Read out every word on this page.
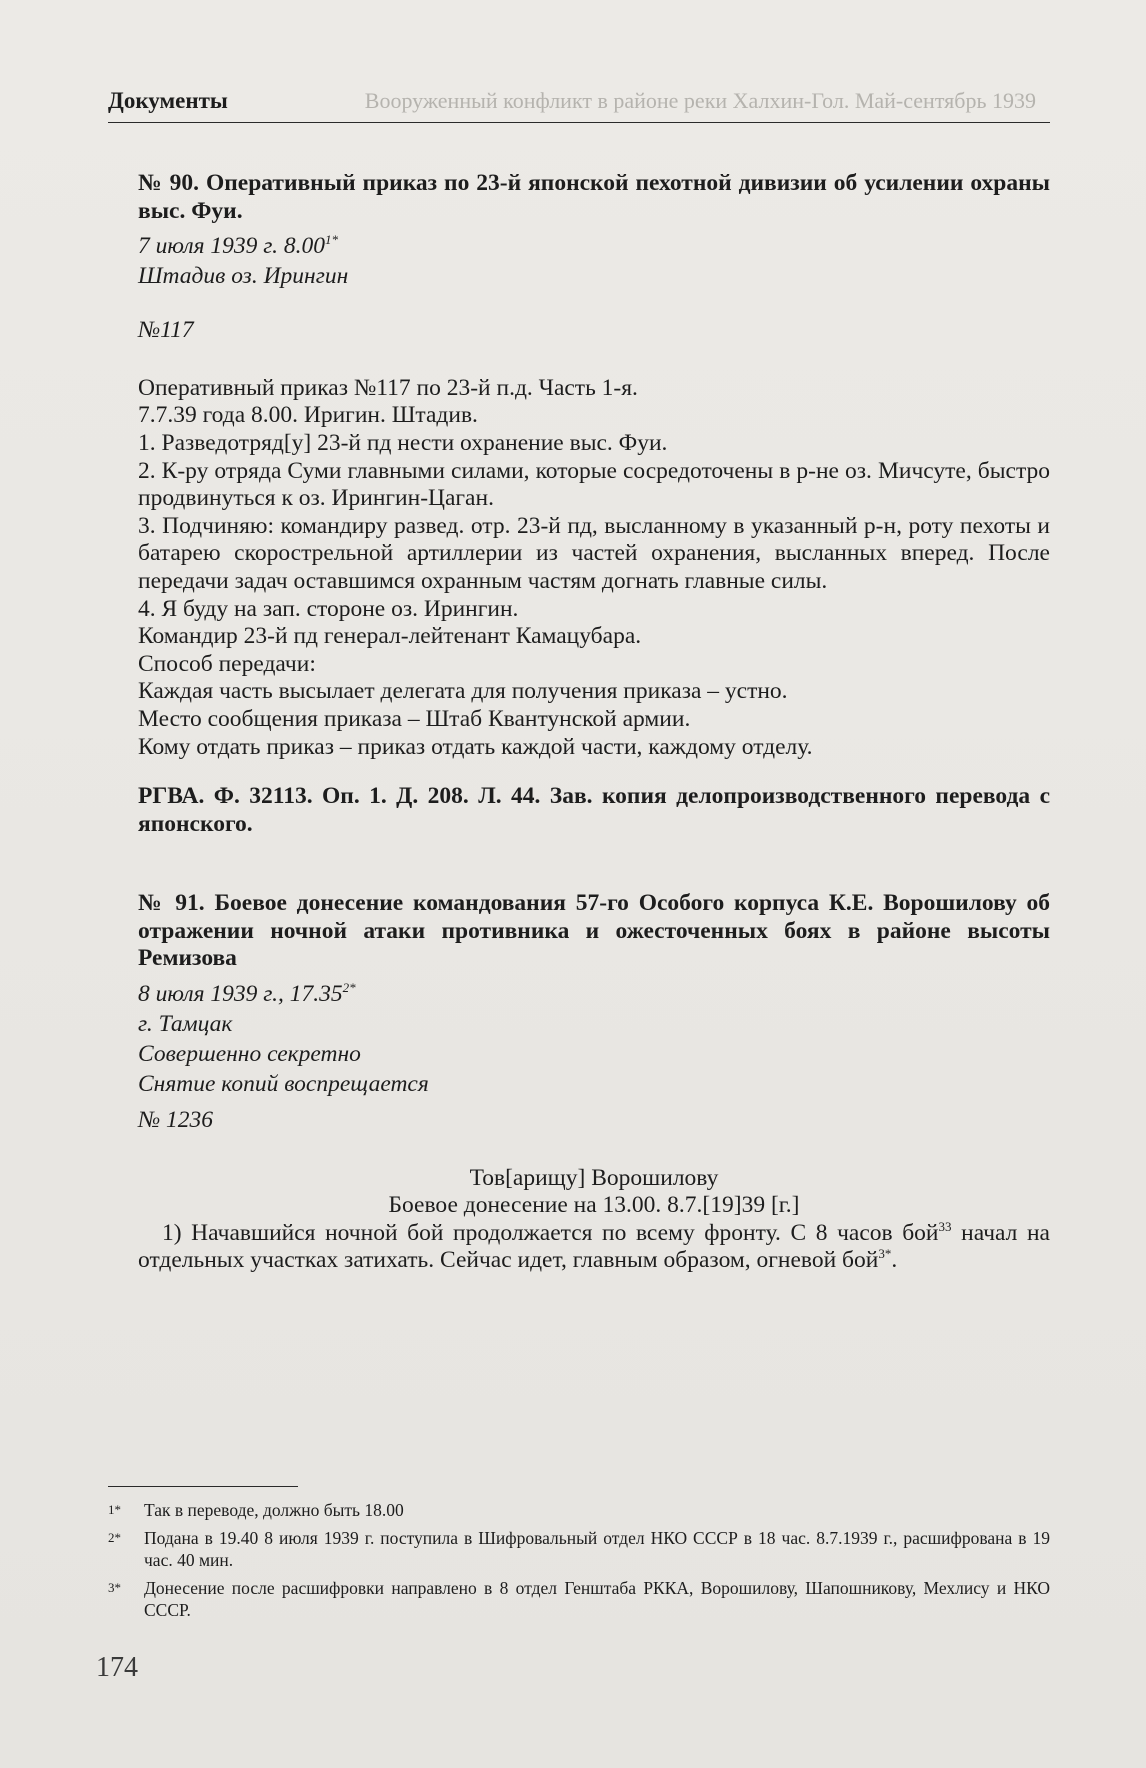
Документы	Вооруженный конфликт в районе реки Халхин-Гол. Май-сентябрь 1939

№ 90. Оперативный приказ по 23-й японской пехотной дивизии об усилении охраны выс. Фуи.

7 июля 1939 г. $8.00^{1*}$
Штадив оз. Ирингин
№117

Оперативный приказ №117 по 23-й п.д. Часть 1-я.

7.7.39 года 8.00. Иригин. Штадив.

1. Разведотряд[у] 23-й пд нести охранение выс. Фуи.

2. К-ру отряда Суми главными силами, которые сосредоточены в р-не оз. Мичсуте, быстро продвинуться к оз. Ирингин-Цаган.

3. Подчиняю: командиру развед. отр. 23-й пд, высланному в указанный р-н, роту пехоты и батарею скорострельной артиллерии из частей охранения, высланных вперед. После передачи задач оставшимся охранным частям догнать главные силы.

4. Я буду на зап. стороне оз. Ирингин.

Командир 23-й пд генерал-лейтенант Камацубара.

Способ передачи:

Каждая часть высылает делегата для получения приказа – устно.

Место сообщения приказа – Штаб Квантунской армии.

Кому отдать приказ – приказ отдать каждой части, каждому отделу.

РГВА. Ф. 32113. Оп. 1. Д. 208. Л. 44. Зав. копия делопроизводственного перевода с японского.

№ 91. Боевое донесение командования 57-го Особого корпуса К.Е. Ворошилову об отражении ночной атаки противника и ожесточенных боях в районе высоты Ремизова

8 июля 1939 г., $17.35^{2*}$
г. Тамцак
Совершенно секретно
Снятие копий воспрещается
№ 1236
Тов[арищу] Ворошилову
Боевое донесение на 13.00. 8.7.[19]39 [г.]

1) Начавшийся ночной бой продолжается по всему фронту. С 8 часов бой$^{33}$ начал на отдельных участках затихать. Сейчас идет, главным образом, огневой бой$^{3*}$.

1*	Так в переводе, должно быть 18.00
2*	Подана в 19.40 8 июля 1939 г. поступила в Шифровальный отдел НКО СССР в 18 час. 8.7.1939 г., расшифрована в 19 час. 40 мин.
3*	Донесение после расшифровки направлено в 8 отдел Генштаба РККА, Ворошилову, Шапошникову, Мехлису и НКО СССР.
174
